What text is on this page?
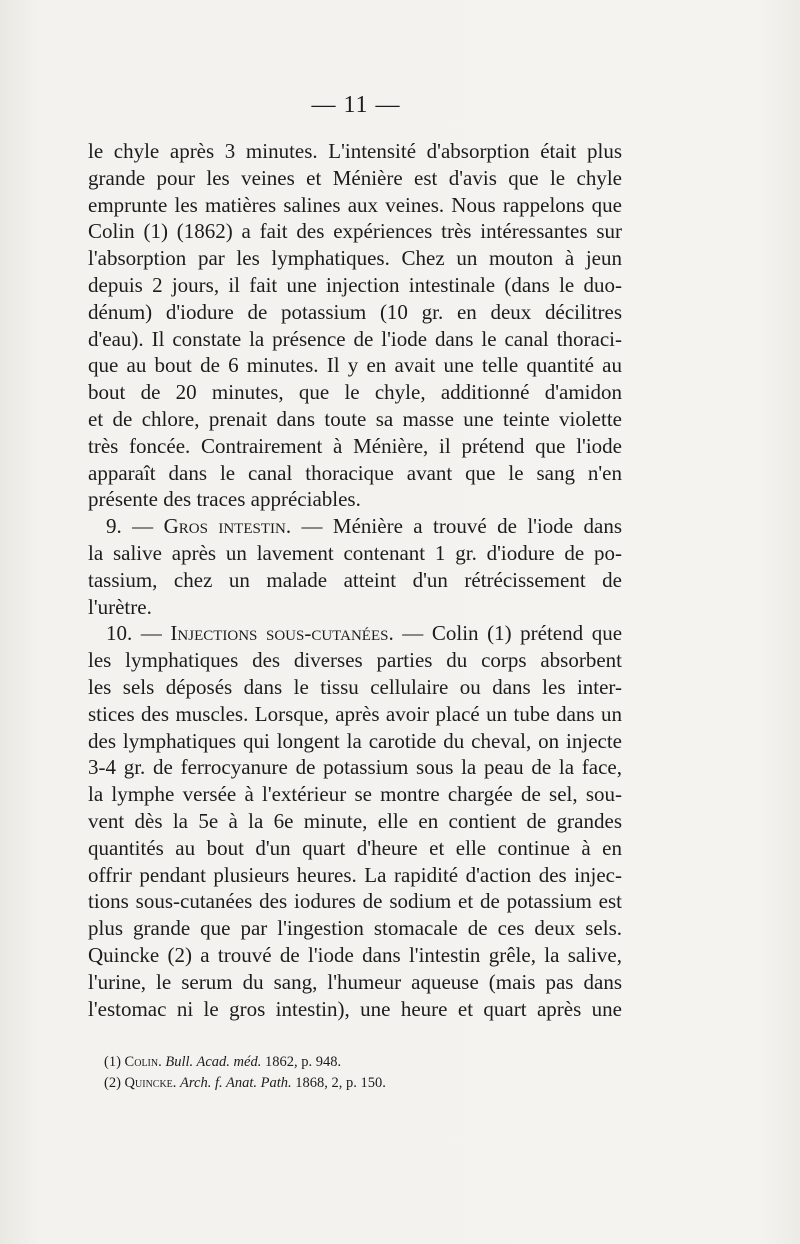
— 11 —
le chyle après 3 minutes. L'intensité d'absorption était plus
grande pour les veines et Ménière est d'avis que le chyle
emprunte les matières salines aux veines. Nous rappelons que
Colin (1) (1862) a fait des expériences très intéressantes sur
l'absorption par les lymphatiques. Chez un mouton à jeun
depuis 2 jours, il fait une injection intestinale (dans le duo-
dénum) d'iodure de potassium (10 gr. en deux décilitres
d'eau). Il constate la présence de l'iode dans le canal thoraci-
que au bout de 6 minutes. Il y en avait une telle quantité au
bout de 20 minutes, que le chyle, additionné d'amidon
et de chlore, prenait dans toute sa masse une teinte violette
très foncée. Contrairement à Ménière, il prétend que l'iode
apparaît dans le canal thoracique avant que le sang n'en
présente des traces appréciables.
9. — Gros intestin. — Ménière a trouvé de l'iode dans
la salive après un lavement contenant 1 gr. d'iodure de po-
tassium, chez un malade atteint d'un rétrécissement de
l'urètre.
10. — Injections sous-cutanées. — Colin (1) prétend que
les lymphatiques des diverses parties du corps absorbent
les sels déposés dans le tissu cellulaire ou dans les inter-
stices des muscles. Lorsque, après avoir placé un tube dans un
des lymphatiques qui longent la carotide du cheval, on injecte
3-4 gr. de ferrocyanure de potassium sous la peau de la face,
la lymphe versée à l'extérieur se montre chargée de sel, sou-
vent dès la 5e à la 6e minute, elle en contient de grandes
quantités au bout d'un quart d'heure et elle continue à en
offrir pendant plusieurs heures. La rapidité d'action des injec-
tions sous-cutanées des iodures de sodium et de potassium est
plus grande que par l'ingestion stomacale de ces deux sels.
Quincke (2) a trouvé de l'iode dans l'intestin grêle, la salive,
l'urine, le serum du sang, l'humeur aqueuse (mais pas dans
l'estomac ni le gros intestin), une heure et quart après une
(1) Colin. Bull. Acad. méd. 1862, p. 948.
(2) Quincke. Arch. f. Anat. Path. 1868, 2, p. 150.
